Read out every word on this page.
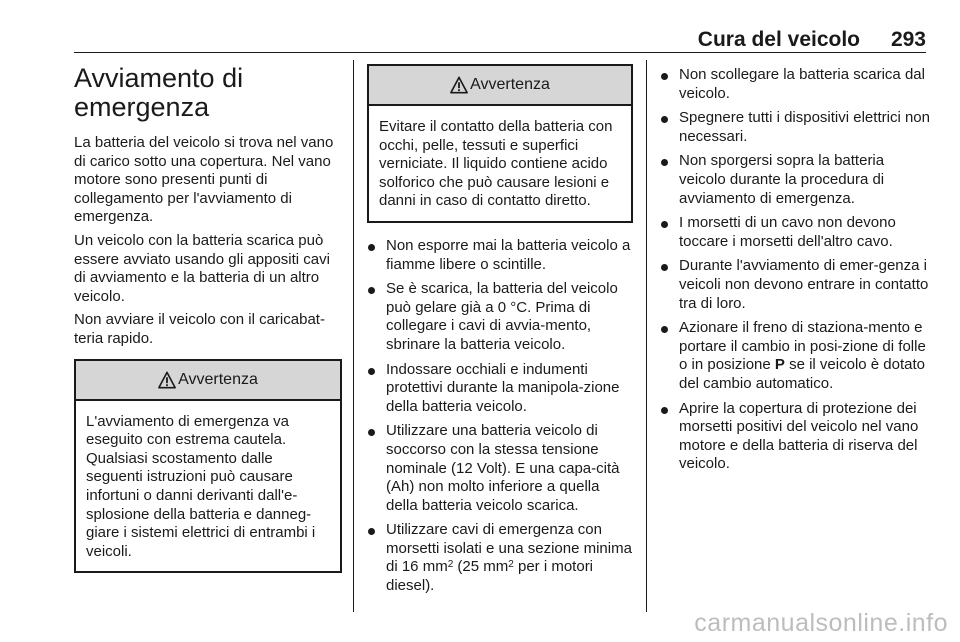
Cura del veicolo 293
Avviamento di
emergenza

La batteria del veicolo si trova nel vano di carico sotto una copertura. Nel vano motore sono presenti punti di collegamento per l'avviamento di emergenza.

Un veicolo con la batteria scarica può essere avviato usando gli appositi cavi di avviamento e la batteria di un altro veicolo.

Non avviare il veicolo con il caricabat-teria rapido.

Avvertenza
L'avviamento di emergenza va eseguito con estrema cautela. Qualsiasi scostamento dalle seguenti istruzioni può causare infortuni o danni derivanti dall'e-splosione della batteria e danneg-giare i sistemi elettrici di entrambi i veicoli.
Avvertenza
Evitare il contatto della batteria con occhi, pelle, tessuti e superfici verniciate. Il liquido contiene acido solforico che può causare lesioni e danni in caso di contatto diretto.
Non esporre mai la batteria veicolo a fiamme libere o scintille.
Se è scarica, la batteria del veicolo può gelare già a 0 °C. Prima di collegare i cavi di avvia-mento, sbrinare la batteria veicolo.
Indossare occhiali e indumenti protettivi durante la manipola-zione della batteria veicolo.
Utilizzare una batteria veicolo di soccorso con la stessa tensione nominale (12 Volt). E una capa-cità (Ah) non molto inferiore a quella della batteria veicolo scarica.
Utilizzare cavi di emergenza con morsetti isolati e una sezione minima di 16 $mm^2$ (25 $mm^2$ per i motori diesel).
Non scollegare la batteria scarica dal veicolo.
Spegnere tutti i dispositivi elettrici non necessari.
Non sporgersi sopra la batteria veicolo durante la procedura di avviamento di emergenza.
I morsetti di un cavo non devono toccare i morsetti dell'altro cavo.
Durante l'avviamento di emer-genza i veicoli non devono entrare in contatto tra di loro.
Azionare il freno di staziona-mento e portare il cambio in posi-zione di folle o in posizione P se il veicolo è dotato del cambio automatico.
Aprire la copertura di protezione dei morsetti positivi del veicolo nel vano motore e della batteria di riserva del veicolo.
carmanualsonline.info
